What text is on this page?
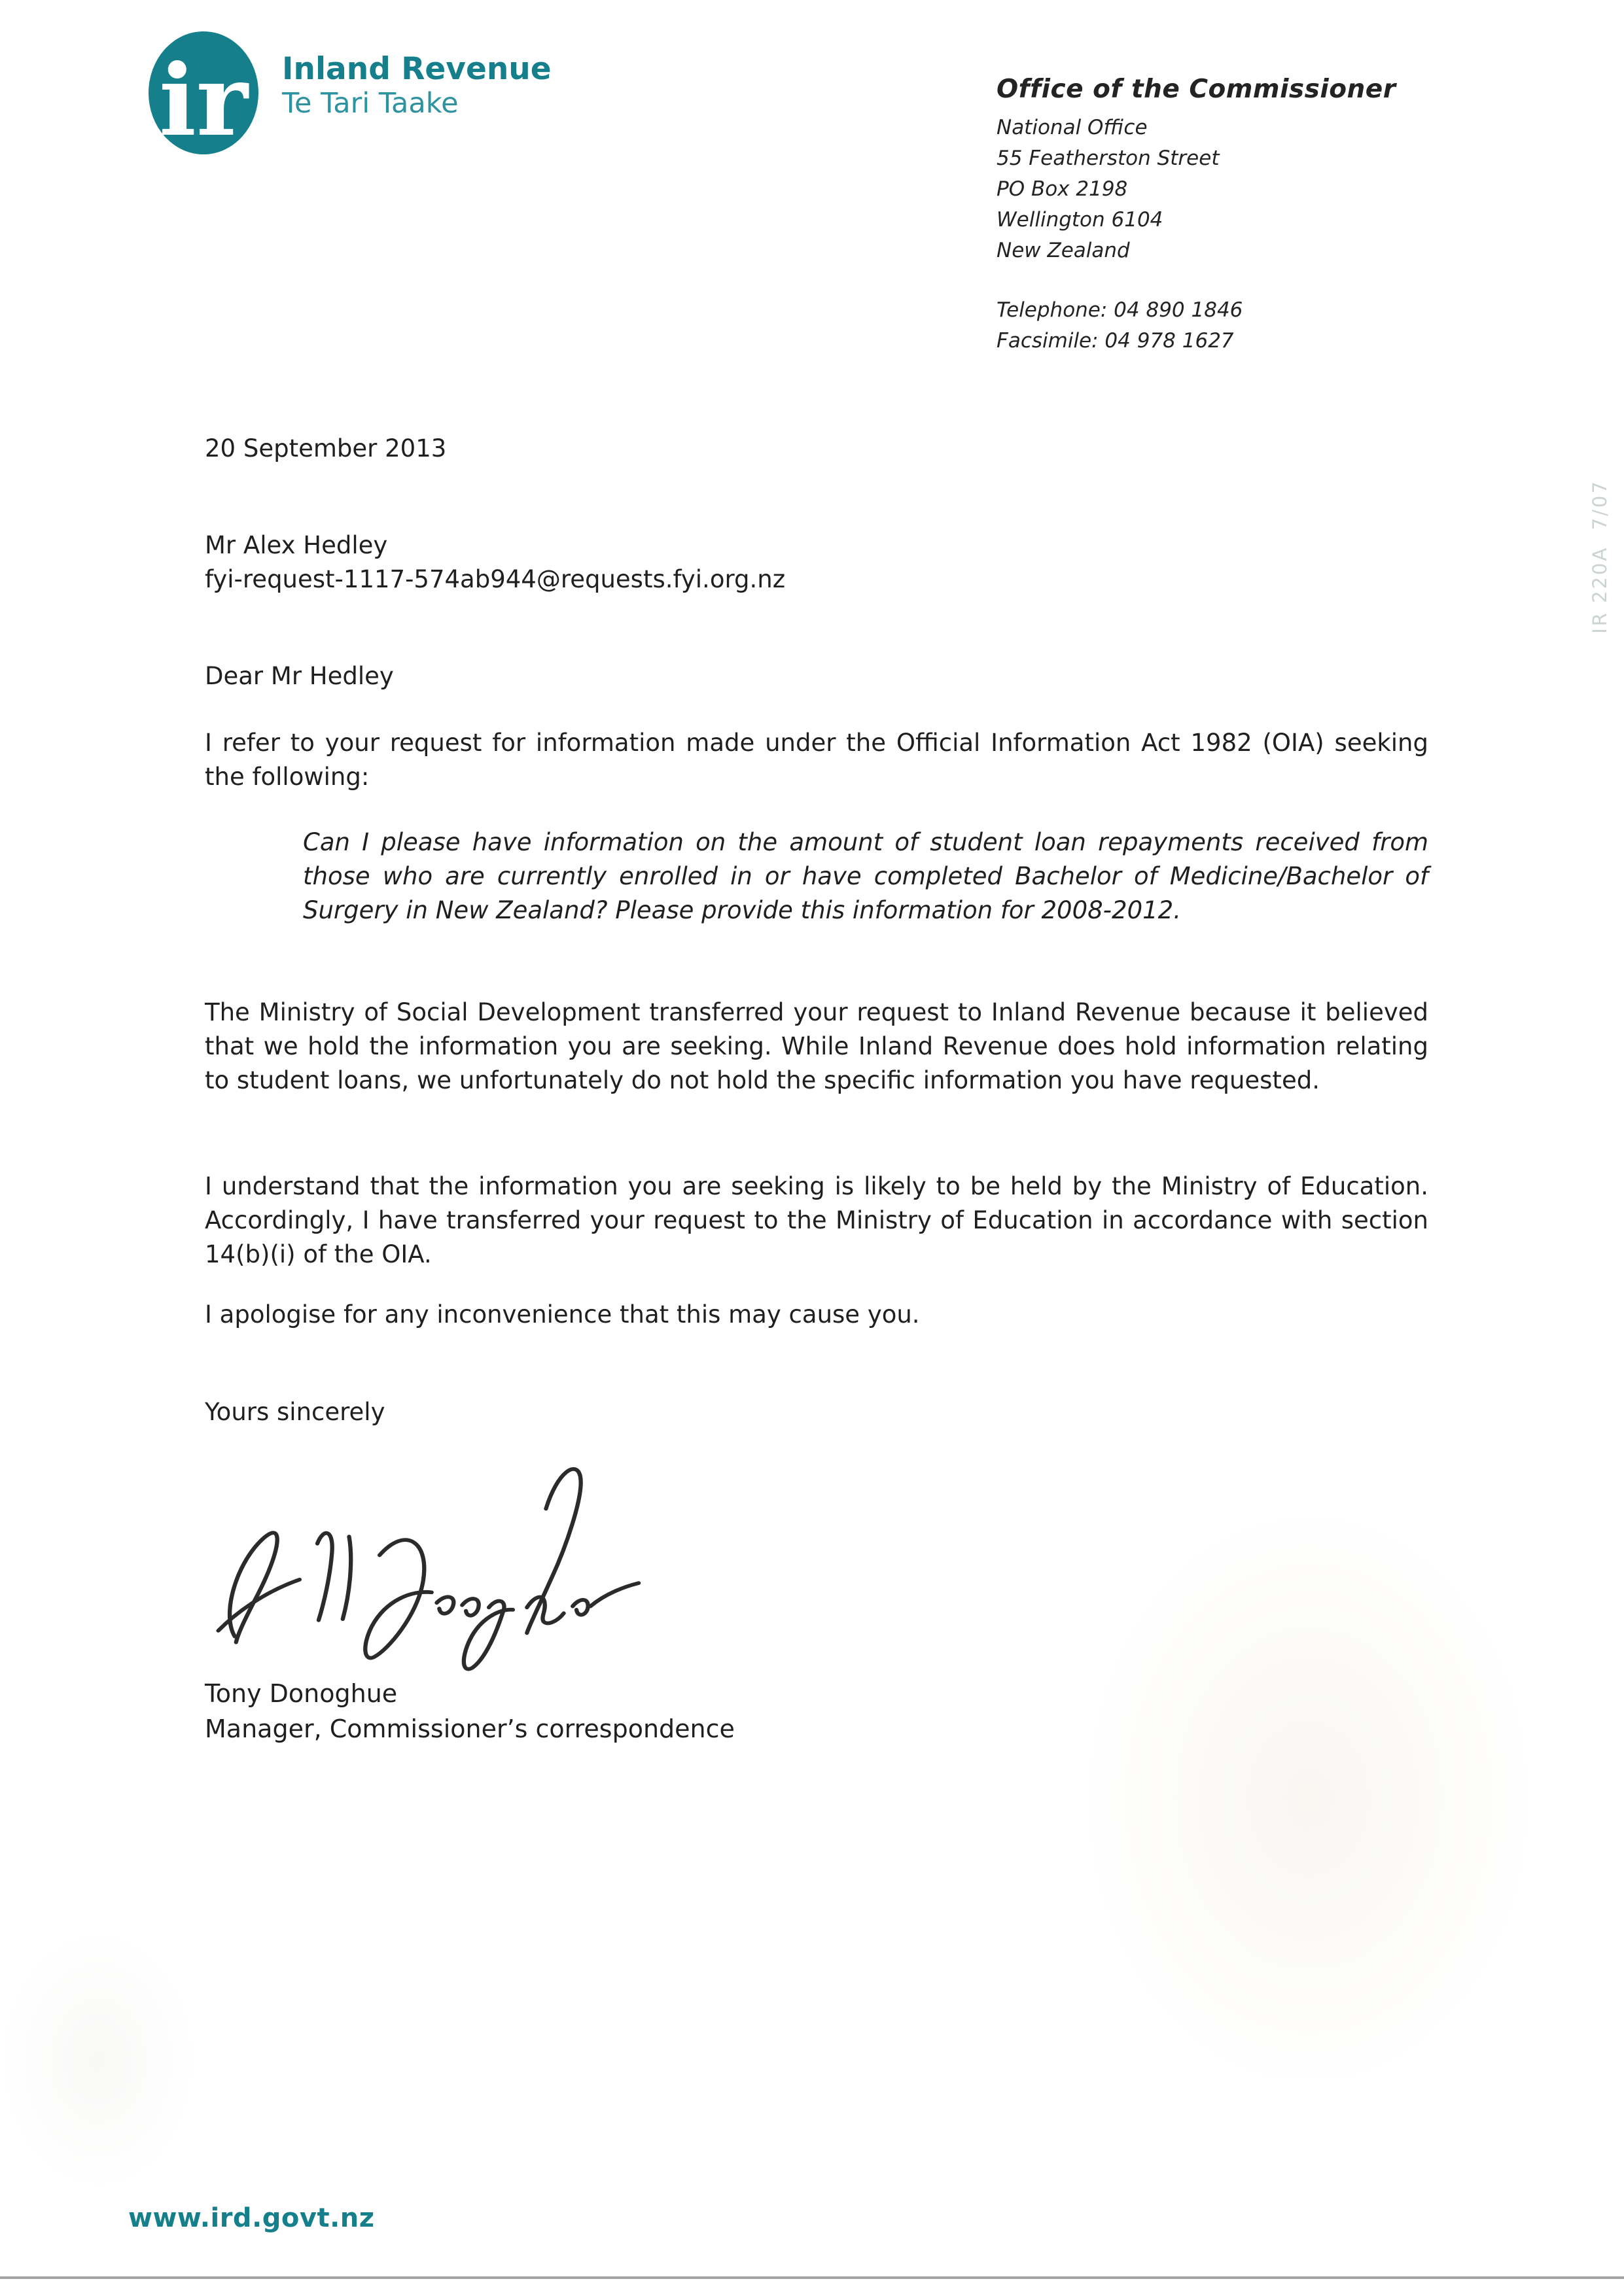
ir Inland Revenue
Te Tari Taake	Office of the Commissioner
National Office
55 Featherston Street
PO Box 2198
Wellington 6104
New Zealand
Telephone: 04 890 1846
Facsimile: 04 978 1627
20 September 2013
Mr Alex Hedley
fyi-request-1117-574ab944@requests.fyi.org.nz
Dear Mr Hedley
I refer to your request for information made under the Official Information Act 1982 (OIA) seeking the following:
Can I please have information on the amount of student loan repayments received from those who are currently enrolled in or have completed Bachelor of Medicine/Bachelor of Surgery in New Zealand? Please provide this information for 2008-2012.
The Ministry of Social Development transferred your request to Inland Revenue because it believed that we hold the information you are seeking. While Inland Revenue does hold information relating to student loans, we unfortunately do not hold the specific information you have requested.
I understand that the information you are seeking is likely to be held by the Ministry of Education. Accordingly, I have transferred your request to the Ministry of Education in accordance with section 14(b)(i) of the OIA.
I apologise for any inconvenience that this may cause you.
Yours sincerely
Tony Donoghue
Manager, Commissioner’s correspondence
IR 220A  7/07
www.ird.govt.nz
